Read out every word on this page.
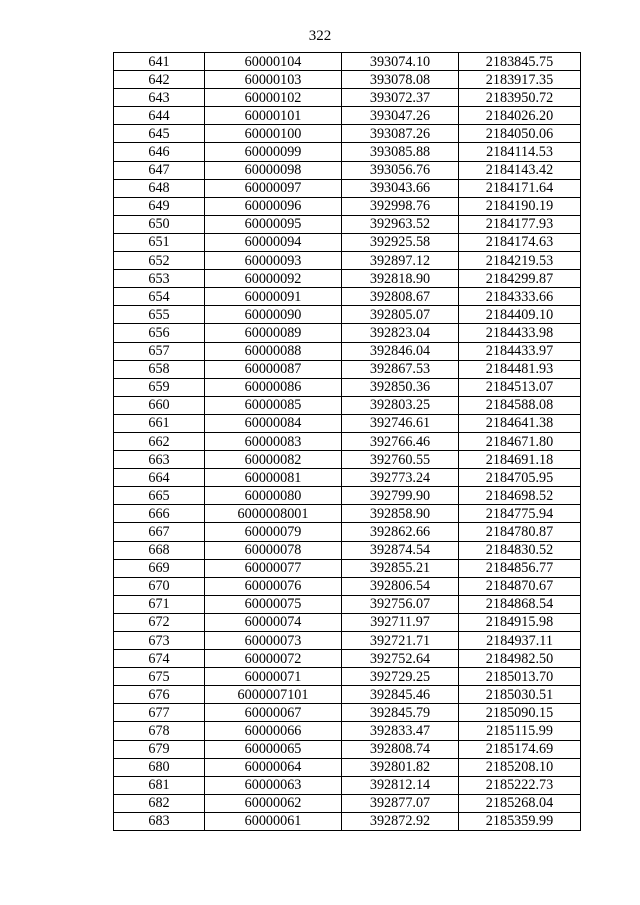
322
641	60000104	393074.10	2183845.75
642	60000103	393078.08	2183917.35
643	60000102	393072.37	2183950.72
644	60000101	393047.26	2184026.20
645	60000100	393087.26	2184050.06
646	60000099	393085.88	2184114.53
647	60000098	393056.76	2184143.42
648	60000097	393043.66	2184171.64
649	60000096	392998.76	2184190.19
650	60000095	392963.52	2184177.93
651	60000094	392925.58	2184174.63
652	60000093	392897.12	2184219.53
653	60000092	392818.90	2184299.87
654	60000091	392808.67	2184333.66
655	60000090	392805.07	2184409.10
656	60000089	392823.04	2184433.98
657	60000088	392846.04	2184433.97
658	60000087	392867.53	2184481.93
659	60000086	392850.36	2184513.07
660	60000085	392803.25	2184588.08
661	60000084	392746.61	2184641.38
662	60000083	392766.46	2184671.80
663	60000082	392760.55	2184691.18
664	60000081	392773.24	2184705.95
665	60000080	392799.90	2184698.52
666	6000008001	392858.90	2184775.94
667	60000079	392862.66	2184780.87
668	60000078	392874.54	2184830.52
669	60000077	392855.21	2184856.77
670	60000076	392806.54	2184870.67
671	60000075	392756.07	2184868.54
672	60000074	392711.97	2184915.98
673	60000073	392721.71	2184937.11
674	60000072	392752.64	2184982.50
675	60000071	392729.25	2185013.70
676	6000007101	392845.46	2185030.51
677	60000067	392845.79	2185090.15
678	60000066	392833.47	2185115.99
679	60000065	392808.74	2185174.69
680	60000064	392801.82	2185208.10
681	60000063	392812.14	2185222.73
682	60000062	392877.07	2185268.04
683	60000061	392872.92	2185359.99
